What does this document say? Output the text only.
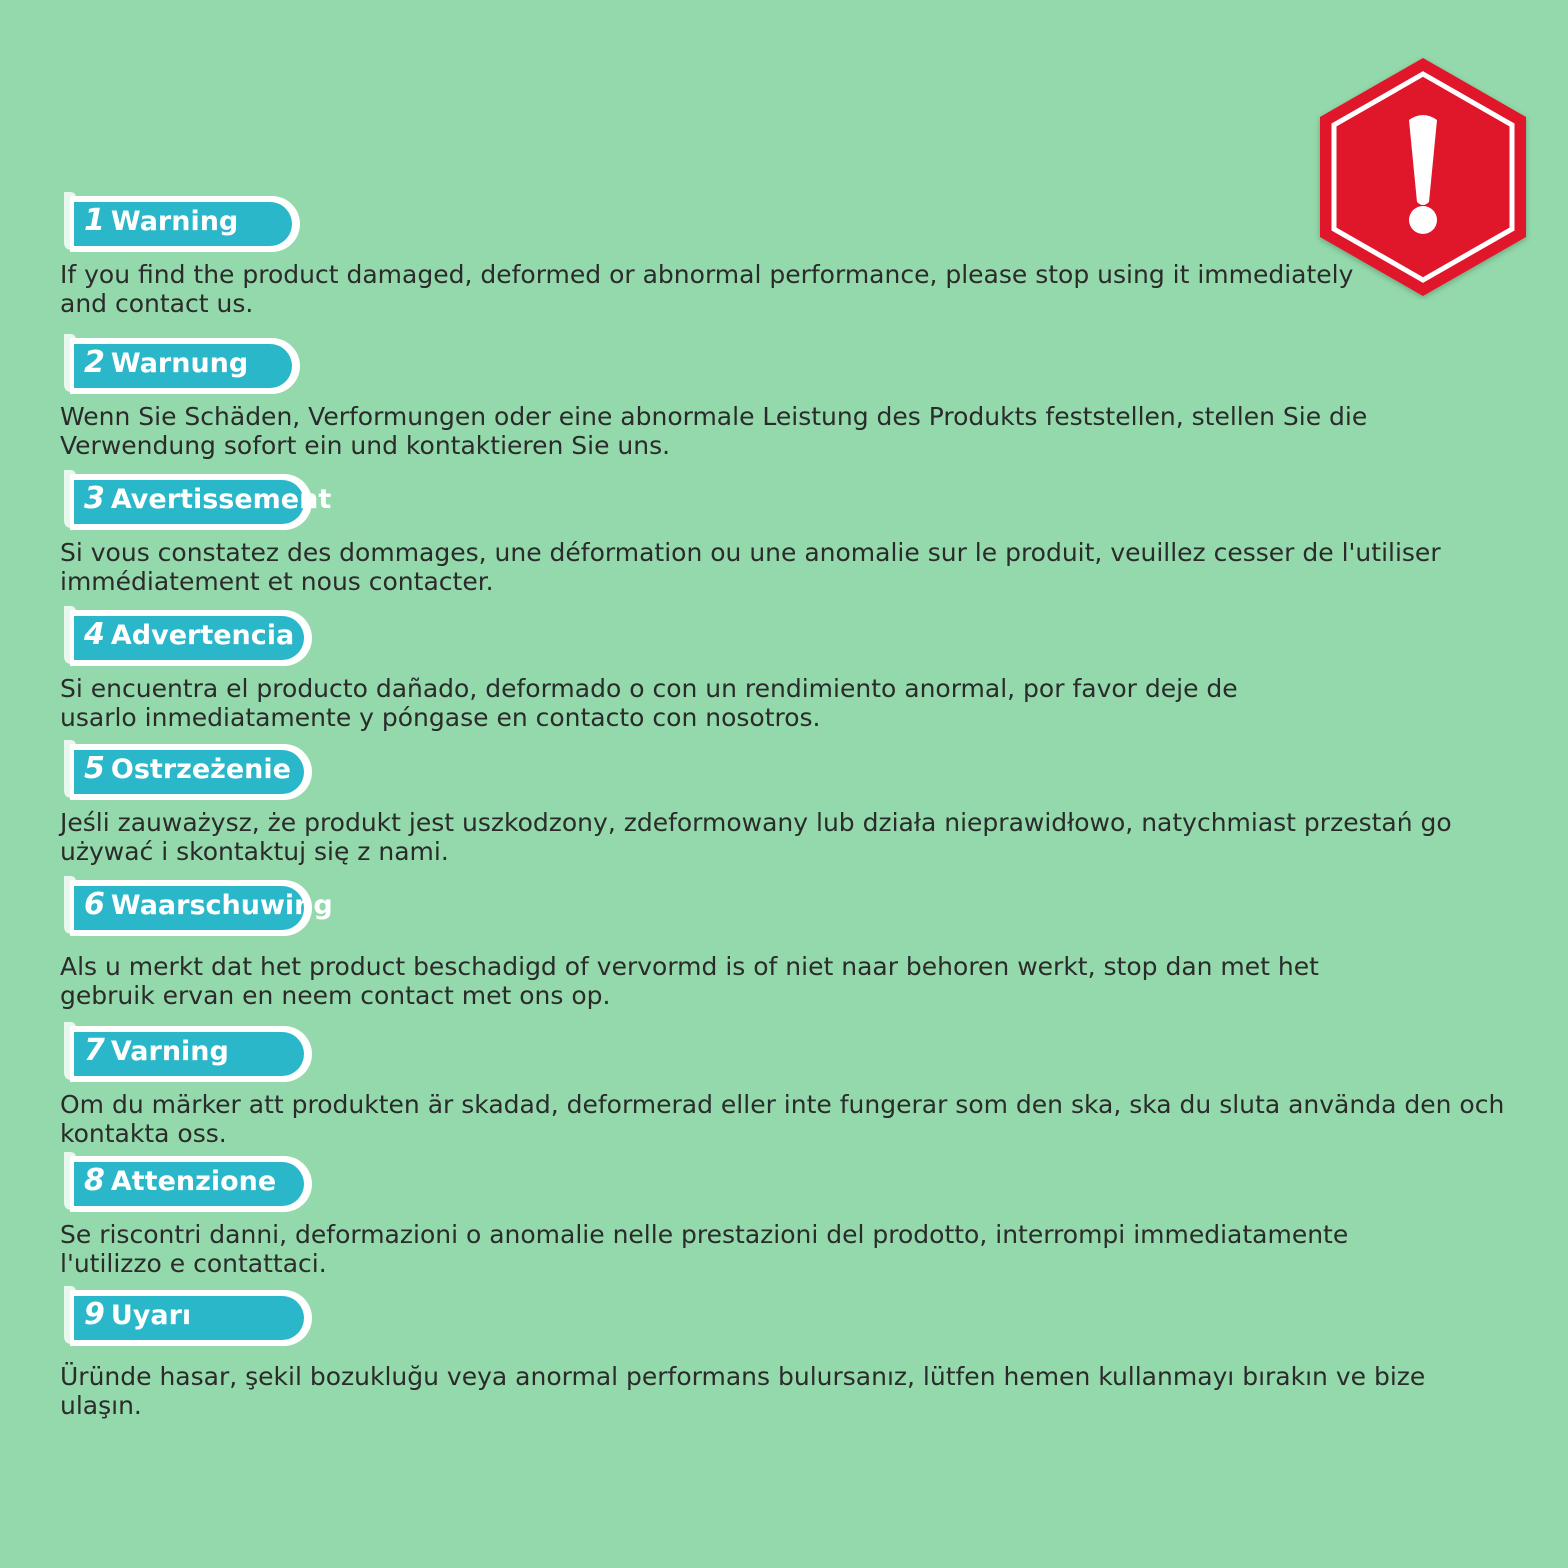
1 Warning

If you find the product damaged, deformed or abnormal performance, please stop using it immediately
and contact us.

2 Warnung

Wenn Sie Schäden, Verformungen oder eine abnormale Leistung des Produkts feststellen, stellen Sie die
Verwendung sofort ein und kontaktieren Sie uns.

3 Avertissement

Si vous constatez des dommages, une déformation ou une anomalie sur le produit, veuillez cesser de l'utiliser
immédiatement et nous contacter.

4 Advertencia

Si encuentra el producto dañado, deformado o con un rendimiento anormal, por favor deje de
usarlo inmediatamente y póngase en contacto con nosotros.

5 Ostrzeżenie

Jeśli zauważysz, że produkt jest uszkodzony, zdeformowany lub działa nieprawidłowo, natychmiast przestań go
używać i skontaktuj się z nami.

6 Waarschuwing

Als u merkt dat het product beschadigd of vervormd is of niet naar behoren werkt, stop dan met het
gebruik ervan en neem contact met ons op.

7 Varning

Om du märker att produkten är skadad, deformerad eller inte fungerar som den ska, ska du sluta använda den och
kontakta oss.

8 Attenzione

Se riscontri danni, deformazioni o anomalie nelle prestazioni del prodotto, interrompi immediatamente
l'utilizzo e contattaci.

9 Uyarı

Üründe hasar, şekil bozukluğu veya anormal performans bulursanız, lütfen hemen kullanmayı bırakın ve bize
ulaşın.
